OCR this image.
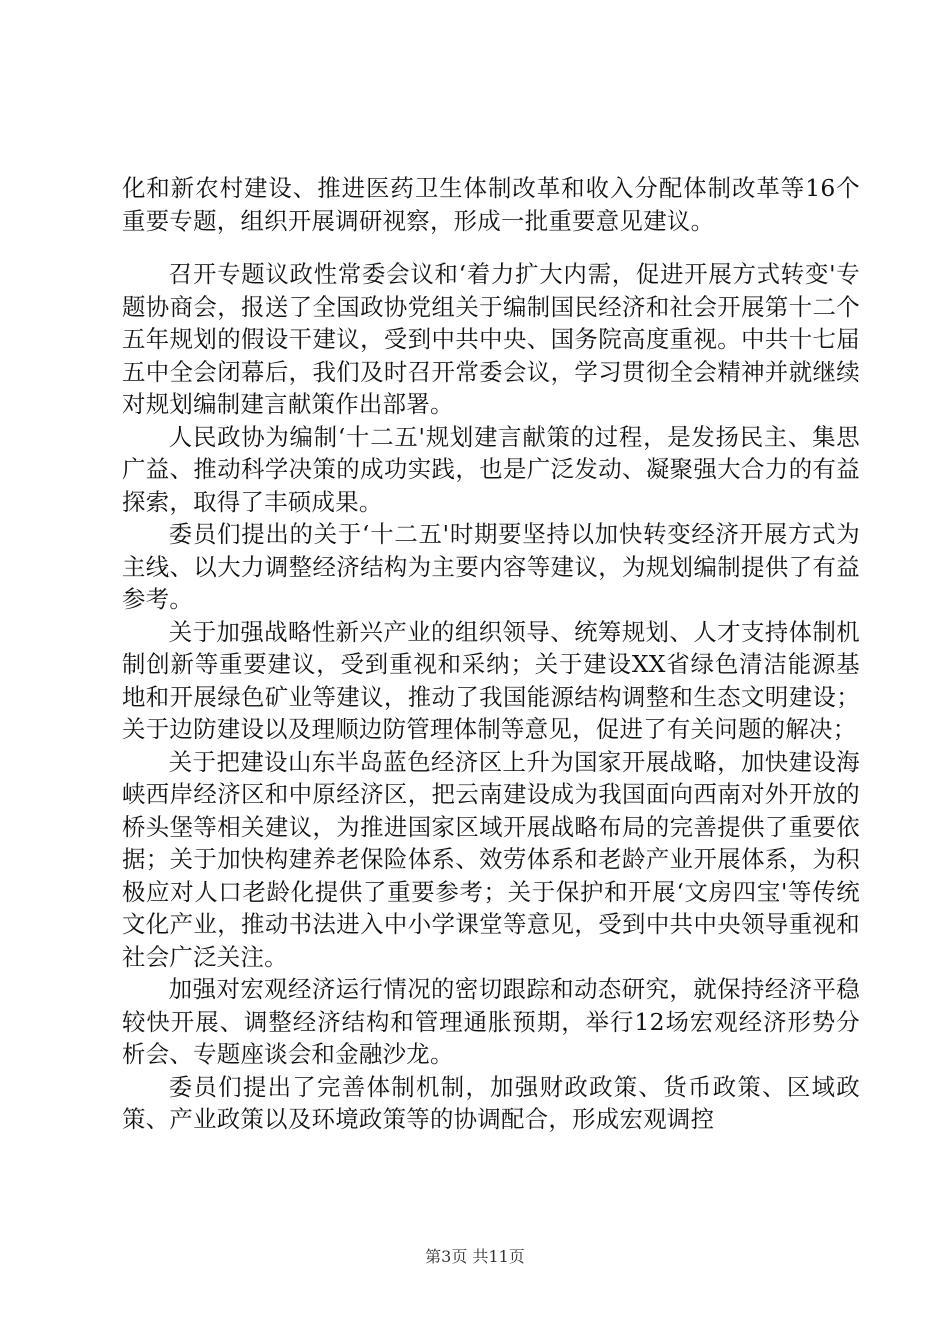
化和新农村建设、推进医药卫生体制改革和收入分配体制改革等16个重要专题，组织开展调研视察，形成一批重要意见建议。

召开专题议政性常委会议和‘着力扩大内需，促进开展方式转变'专题协商会，报送了全国政协党组关于编制国民经济和社会开展第十二个五年规划的假设干建议，受到中共中央、国务院高度重视。中共十七届五中全会闭幕后，我们及时召开常委会议，学习贯彻全会精神并就继续对规划编制建言献策作出部署。

人民政协为编制‘十二五'规划建言献策的过程，是发扬民主、集思广益、推动科学决策的成功实践，也是广泛发动、凝聚强大合力的有益探索，取得了丰硕成果。

委员们提出的关于‘十二五'时期要坚持以加快转变经济开展方式为主线、以大力调整经济结构为主要内容等建议，为规划编制提供了有益参考。

关于加强战略性新兴产业的组织领导、统筹规划、人才支持体制机制创新等重要建议，受到重视和采纳；关于建设XX省绿色清洁能源基地和开展绿色矿业等建议，推动了我国能源结构调整和生态文明建设；关于边防建设以及理顺边防管理体制等意见，促进了有关问题的解决；

关于把建设山东半岛蓝色经济区上升为国家开展战略，加快建设海峡西岸经济区和中原经济区，把云南建设成为我国面向西南对外开放的桥头堡等相关建议，为推进国家区域开展战略布局的完善提供了重要依据；关于加快构建养老保险体系、效劳体系和老龄产业开展体系，为积极应对人口老龄化提供了重要参考；关于保护和开展‘文房四宝'等传统文化产业，推动书法进入中小学课堂等意见，受到中共中央领导重视和社会广泛关注。

加强对宏观经济运行情况的密切跟踪和动态研究，就保持经济平稳较快开展、调整经济结构和管理通胀预期，举行12场宏观经济形势分析会、专题座谈会和金融沙龙。

委员们提出了完善体制机制，加强财政政策、货币政策、区域政策、产业政策以及环境政策等的协调配合，形成宏观调控

第3页 共11页
